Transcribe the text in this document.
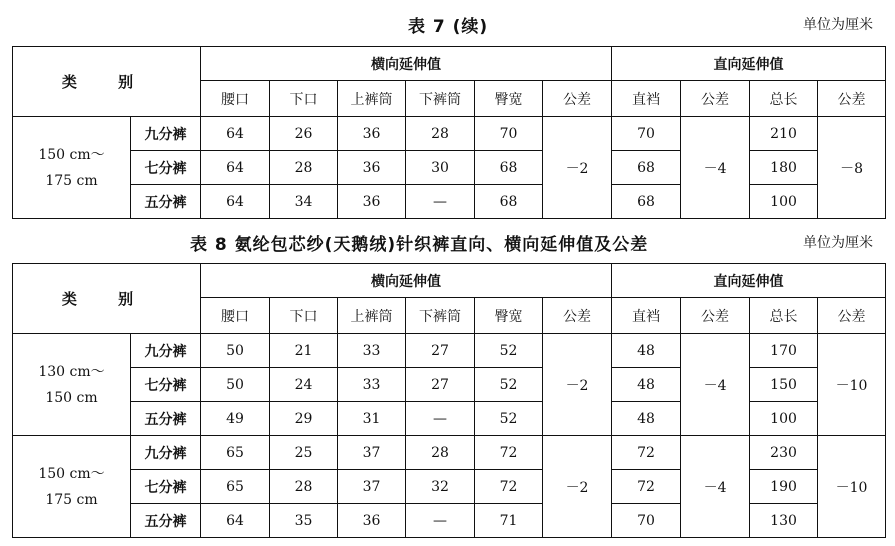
表 7 (续)	单位为厘米
类 别		横向延伸值						直向延伸值			
		腰口	下口	上裤筒	下裤筒	臀宽	公差	直裆	公差	总长	公差

150 cm～
175 cm	九分裤	64	26	36	28	70	－2	70	－4	210	－8
	七分裤	64	28	36	30	68		68		180	
	五分裤	64	34	36	—	68		68		100	
表 8 氨纶包芯纱(天鹅绒)针织裤直向、横向延伸值及公差	单位为厘米
类 别		横向延伸值						直向延伸值			
		腰口	下口	上裤筒	下裤筒	臀宽	公差	直裆	公差	总长	公差

130 cm～
150 cm	九分裤	50	21	33	27	52	－2	48	－4	170	－10
	七分裤	50	24	33	27	52		48		150	
	五分裤	49	29	31	—	52		48		100	

150 cm～
175 cm	九分裤	65	25	37	28	72	－2	72	－4	230	－10
	七分裤	65	28	37	32	72		72		190	
	五分裤	64	35	36	—	71		70		130	
